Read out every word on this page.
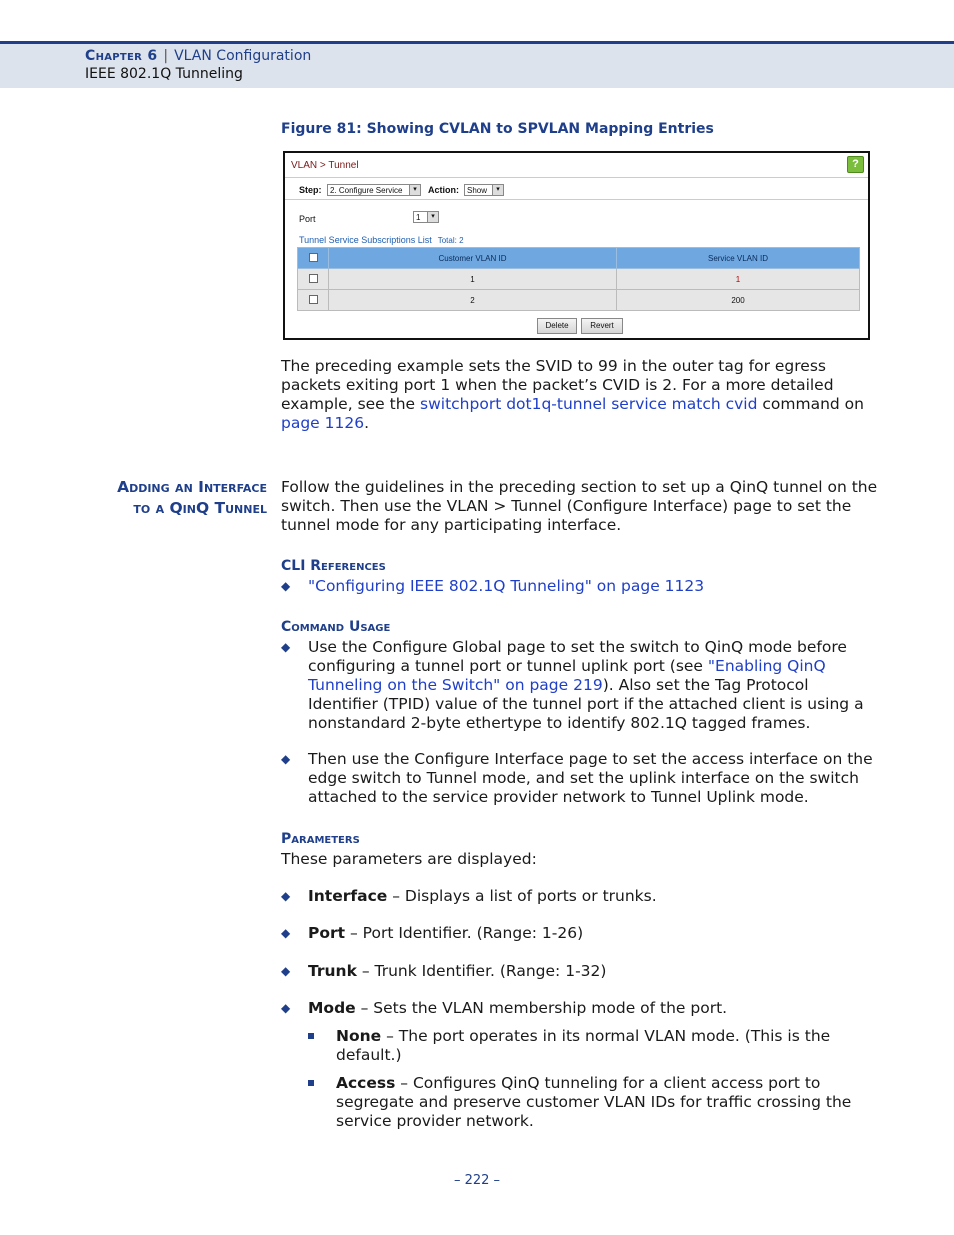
Chapter 6 | VLAN Configuration
IEEE 802.1Q Tunneling
Figure 81: Showing CVLAN to SPVLAN Mapping Entries
VLAN > Tunnel	?
Step:	2. Configure Service	▾	Action:	Show	▾
Port	1	▾
Tunnel Service Subscriptions List Total: 2
	Customer VLAN ID	Service VLAN ID
	1	1
	2	200
Delete	Revert
The preceding example sets the SVID to 99 in the outer tag for egress packets exiting port 1 when the packet’s CVID is 2. For a more detailed example, see the switchport dot1q-tunnel service match cvid command on page 1126.
Adding an Interface
to a QinQ Tunnel
Follow the guidelines in the preceding section to set up a QinQ tunnel on the switch. Then use the VLAN > Tunnel (Configure Interface) page to set the tunnel mode for any participating interface.
CLI References
◆ "Configuring IEEE 802.1Q Tunneling" on page 1123
Command Usage
◆ Use the Configure Global page to set the switch to QinQ mode before configuring a tunnel port or tunnel uplink port (see "Enabling QinQ Tunneling on the Switch" on page 219). Also set the Tag Protocol Identifier (TPID) value of the tunnel port if the attached client is using a nonstandard 2-byte ethertype to identify 802.1Q tagged frames.
◆ Then use the Configure Interface page to set the access interface on the edge switch to Tunnel mode, and set the uplink interface on the switch attached to the service provider network to Tunnel Uplink mode.
Parameters
These parameters are displayed:
◆ Interface – Displays a list of ports or trunks.
◆ Port – Port Identifier. (Range: 1-26)
◆ Trunk – Trunk Identifier. (Range: 1-32)
◆ Mode – Sets the VLAN membership mode of the port.
None – The port operates in its normal VLAN mode. (This is the default.)
Access – Configures QinQ tunneling for a client access port to segregate and preserve customer VLAN IDs for traffic crossing the service provider network.
– 222 –
